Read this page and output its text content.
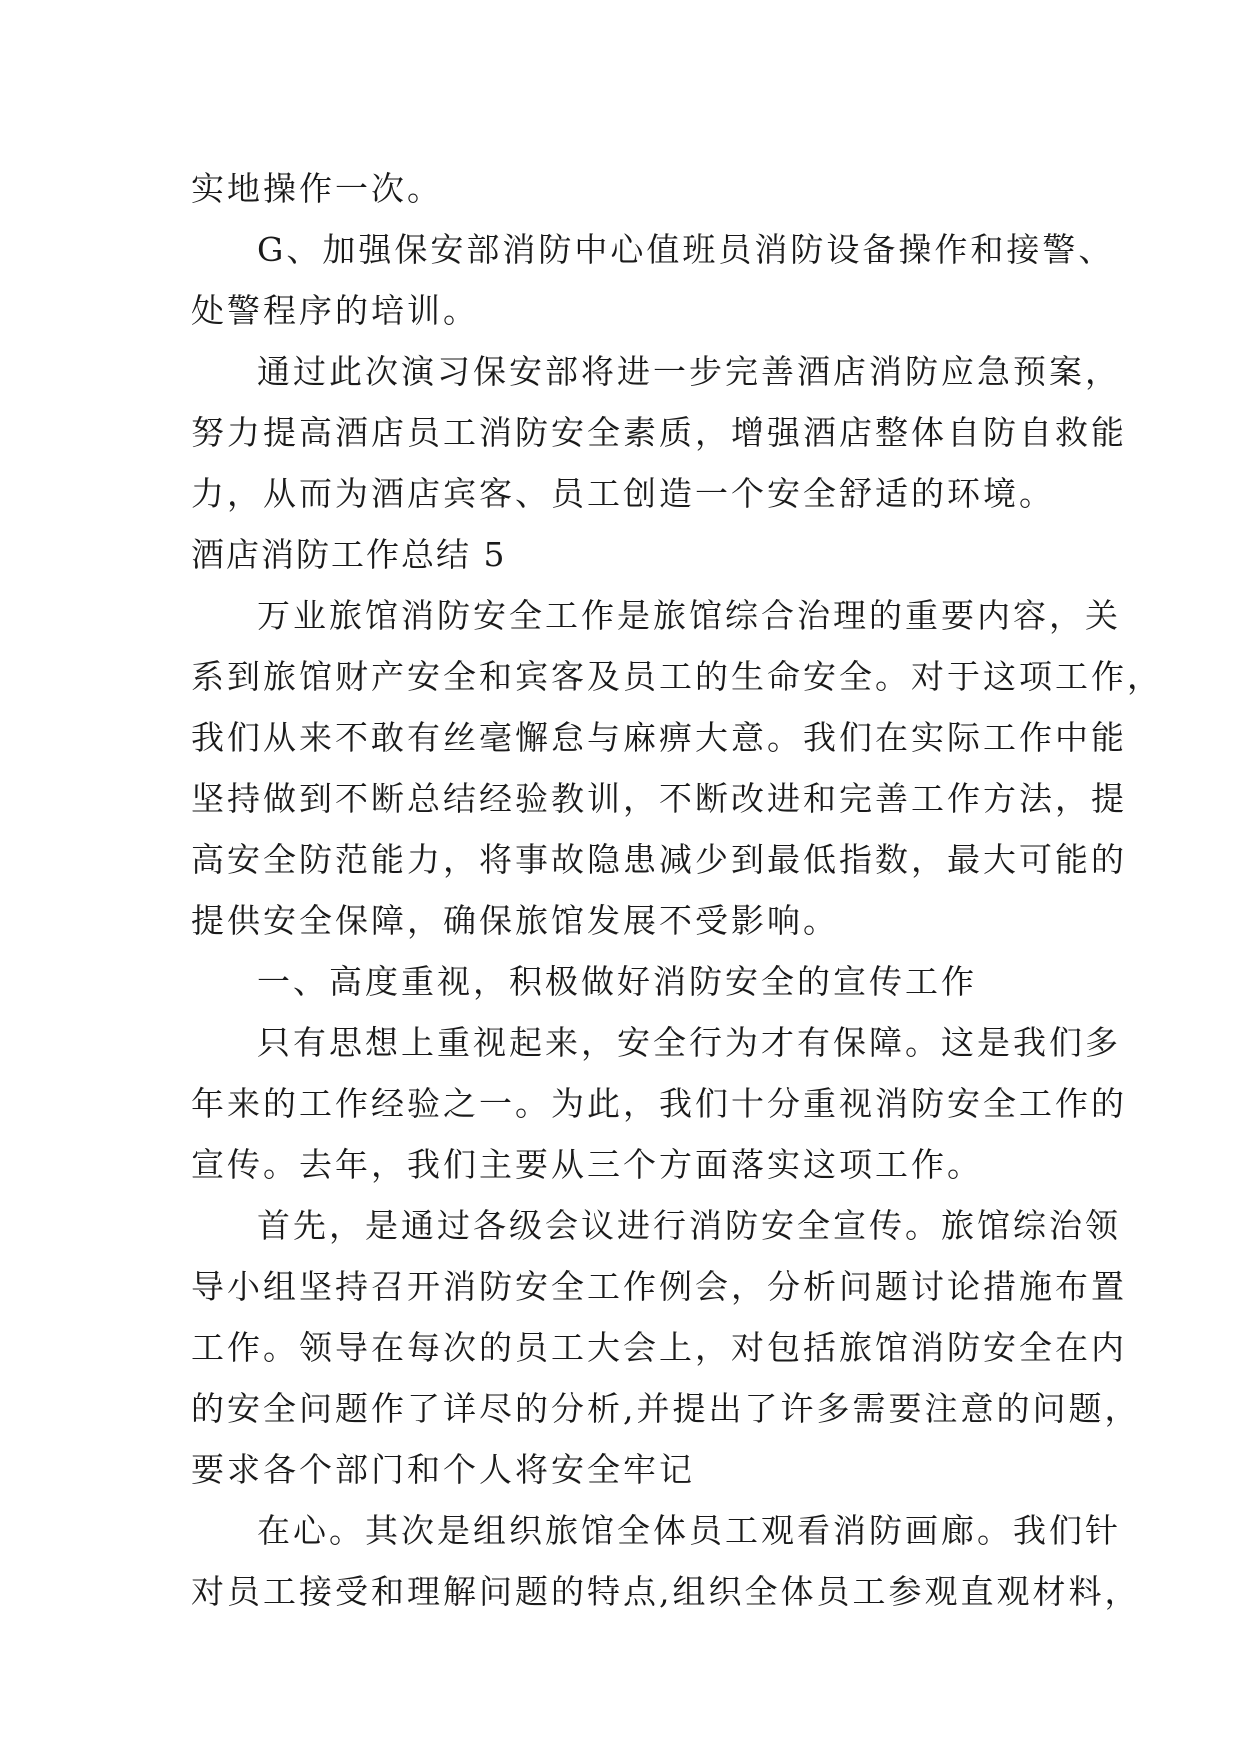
实地操作一次。
G、加强保安部消防中心值班员消防设备操作和接警、
处警程序的培训。
通过此次演习保安部将进一步完善酒店消防应急预案，
努力提高酒店员工消防安全素质，增强酒店整体自防自救能
力，从而为酒店宾客、员工创造一个安全舒适的环境。
酒店消防工作总结 5
万业旅馆消防安全工作是旅馆综合治理的重要内容，关
系到旅馆财产安全和宾客及员工的生命安全。对于这项工作，
我们从来不敢有丝毫懈怠与麻痹大意。我们在实际工作中能
坚持做到不断总结经验教训，不断改进和完善工作方法，提
高安全防范能力，将事故隐患减少到最低指数，最大可能的
提供安全保障，确保旅馆发展不受影响。
一、高度重视，积极做好消防安全的宣传工作
只有思想上重视起来，安全行为才有保障。这是我们多
年来的工作经验之一。为此，我们十分重视消防安全工作的
宣传。去年，我们主要从三个方面落实这项工作。
首先，是通过各级会议进行消防安全宣传。旅馆综治领
导小组坚持召开消防安全工作例会，分析问题讨论措施布置
工作。领导在每次的员工大会上，对包括旅馆消防安全在内
的安全问题作了详尽的分析,并提出了许多需要注意的问题，
要求各个部门和个人将安全牢记
在心。其次是组织旅馆全体员工观看消防画廊。我们针
对员工接受和理解问题的特点,组织全体员工参观直观材料，
